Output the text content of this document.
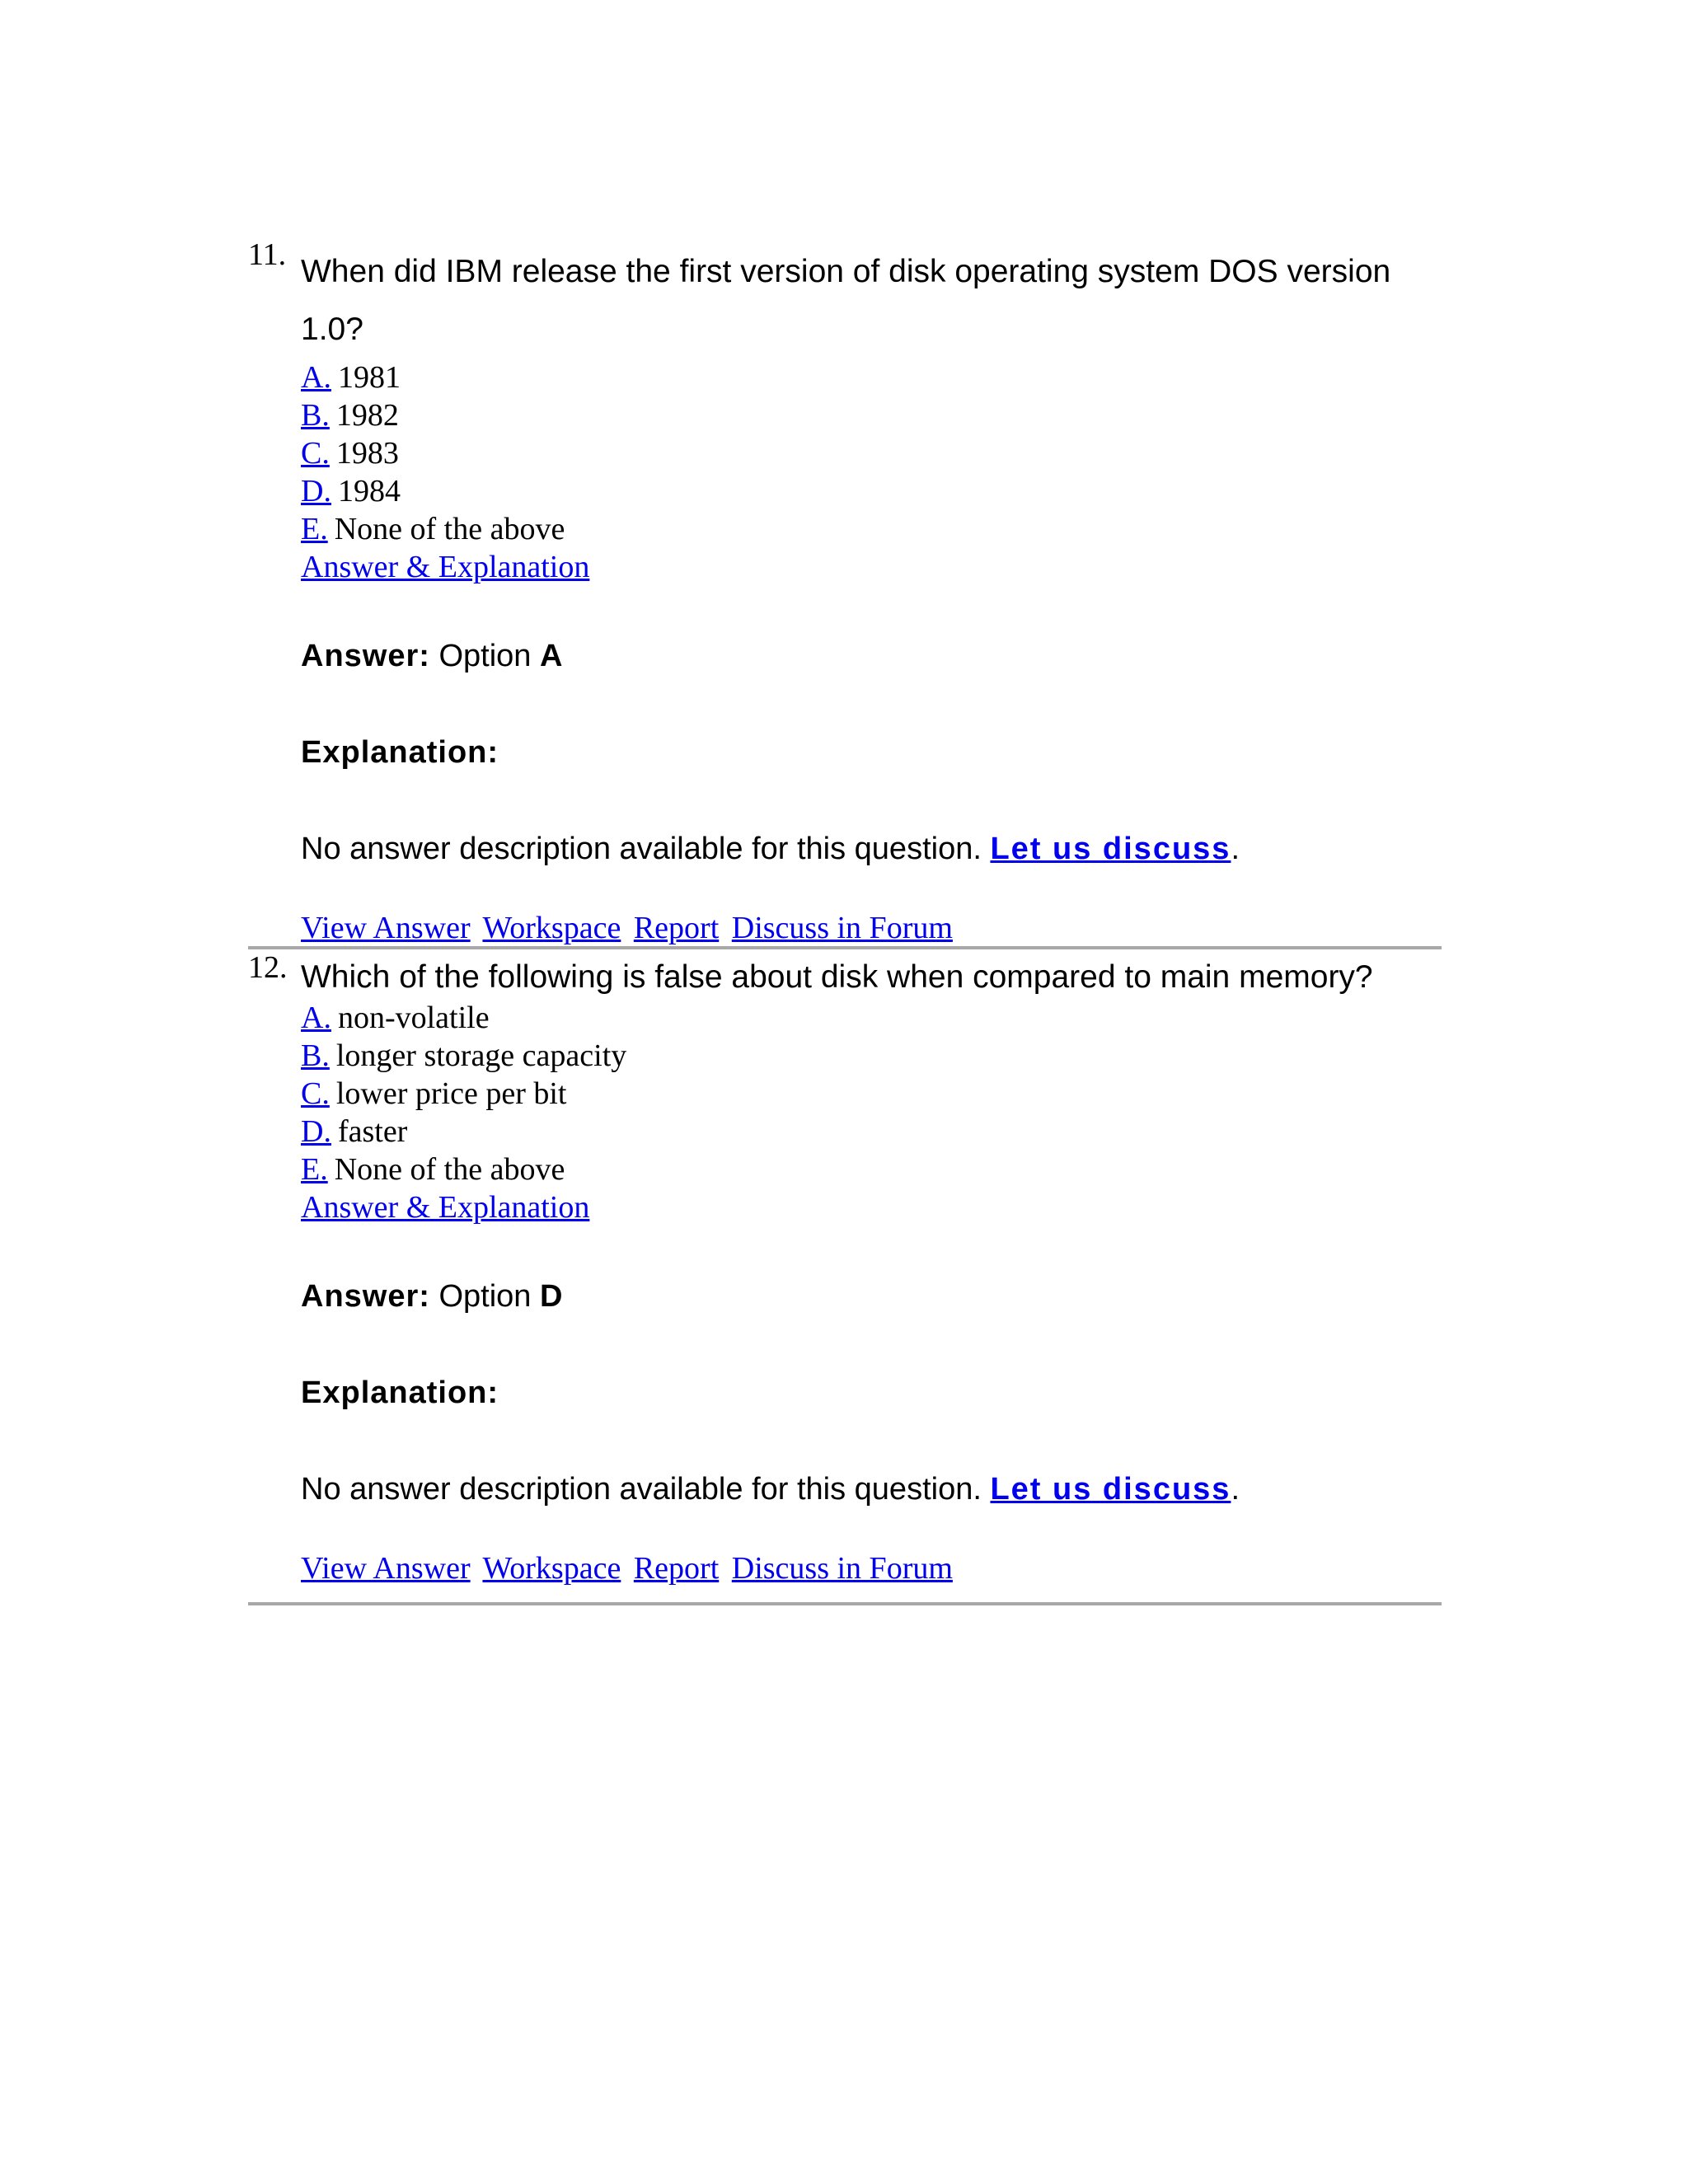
11. When did IBM release the first version of disk operating system DOS version 1.0?

A. 1981
B. 1982
C. 1983
D. 1984
E. None of the above
Answer & Explanation
Answer: Option A
Explanation:
No answer description available for this question. Let us discuss.
View Answer Workspace Report Discuss in Forum
12. Which of the following is false about disk when compared to main memory?

A. non-volatile
B. longer storage capacity
C. lower price per bit
D. faster
E. None of the above
Answer & Explanation
Answer: Option D
Explanation:
No answer description available for this question. Let us discuss.
View Answer Workspace Report Discuss in Forum
